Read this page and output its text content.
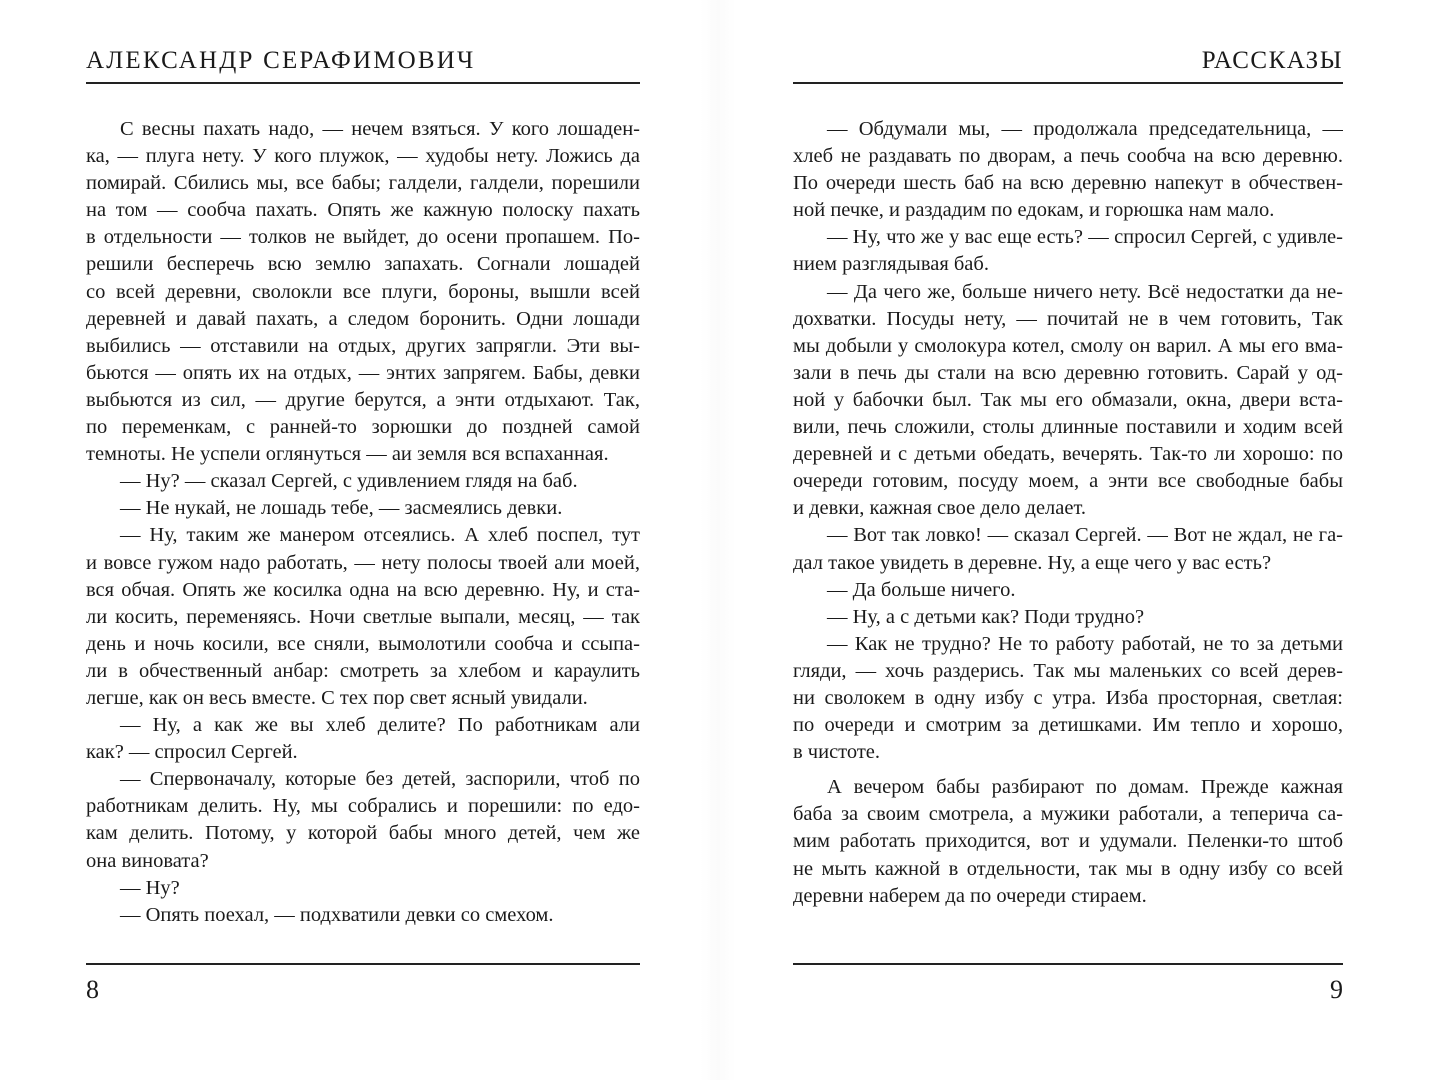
АЛЕКСАНДР СЕРАФИМОВИЧ
С весны пахать надо, — нечем взяться. У кого лошаден-
ка, — плуга нету. У кого плужок, — худобы нету. Ложись да
помирай. Сбились мы, все бабы; галдели, галдели, порешили
на том — сообча пахать. Опять же кажную полоску пахать
в отдельности — толков не выйдет, до осени пропашем. По-
решили бесперечь всю землю запахать. Согнали лошадей
со всей деревни, сволокли все плуги, бороны, вышли всей
деревней и давай пахать, а следом боронить. Одни лошади
выбились — отставили на отдых, других запрягли. Эти вы-
бьются — опять их на отдых, — энтих запрягем. Бабы, девки
выбьются из сил, — другие берутся, а энти отдыхают. Так,
по переменкам, с ранней-то зорюшки до поздней самой
темноты. Не успели оглянуться — аи земля вся вспаханная.
— Ну? — сказал Сергей, с удивлением глядя на баб.
— Не нукай, не лошадь тебе, — засмеялись девки.
— Ну, таким же манером отсеялись. А хлеб поспел, тут
и вовсе гужом надо работать, — нету полосы твоей али моей,
вся обчая. Опять же косилка одна на всю деревню. Ну, и ста-
ли косить, переменяясь. Ночи светлые выпали, месяц, — так
день и ночь косили, все сняли, вымолотили сообча и ссыпа-
ли в обчественный анбар: смотреть за хлебом и караулить
легше, как он весь вместе. С тех пор свет ясный увидали.
— Ну, а как же вы хлеб делите? По работникам али
как? — спросил Сергей.
— Спервоначалу, которые без детей, заспорили, чтоб по
работникам делить. Ну, мы собрались и порешили: по едо-
кам делить. Потому, у которой бабы много детей, чем же
она виновата?
— Ну?
— Опять поехал, — подхватили девки со смехом.
8
РАССКАЗЫ
— Обдумали мы, — продолжала председательница, —
хлеб не раздавать по дворам, а печь сообча на всю деревню.
По очереди шесть баб на всю деревню напекут в обчествен-
ной печке, и раздадим по едокам, и горюшка нам мало.
— Ну, что же у вас еще есть? — спросил Сергей, с удивле-
нием разглядывая баб.
— Да чего же, больше ничего нету. Всё недостатки да не-
дохватки. Посуды нету, — почитай не в чем готовить, Так
мы добыли у смолокура котел, смолу он варил. А мы его вма-
зали в печь ды стали на всю деревню готовить. Сарай у од-
ной у бабочки был. Так мы его обмазали, окна, двери вста-
вили, печь сложили, столы длинные поставили и ходим всей
деревней и с детьми обедать, вечерять. Так-то ли хорошо: по
очереди готовим, посуду моем, а энти все свободные бабы
и девки, кажная свое дело делает.
— Вот так ловко! — сказал Сергей. — Вот не ждал, не га-
дал такое увидеть в деревне. Ну, а еще чего у вас есть?
— Да больше ничего.
— Ну, а с детьми как? Поди трудно?
— Как не трудно? Не то работу работай, не то за детьми
гляди, — хочь раздерись. Так мы маленьких со всей дерев-
ни сволокем в одну избу с утра. Изба просторная, светлая:
по очереди и смотрим за детишками. Им тепло и хорошо,
в чистоте.
А вечером бабы разбирают по домам. Прежде кажная
баба за своим смотрела, а мужики работали, а теперича са-
мим работать приходится, вот и удумали. Пеленки-то штоб
не мыть кажной в отдельности, так мы в одну избу со всей
деревни наберем да по очереди стираем.
9
